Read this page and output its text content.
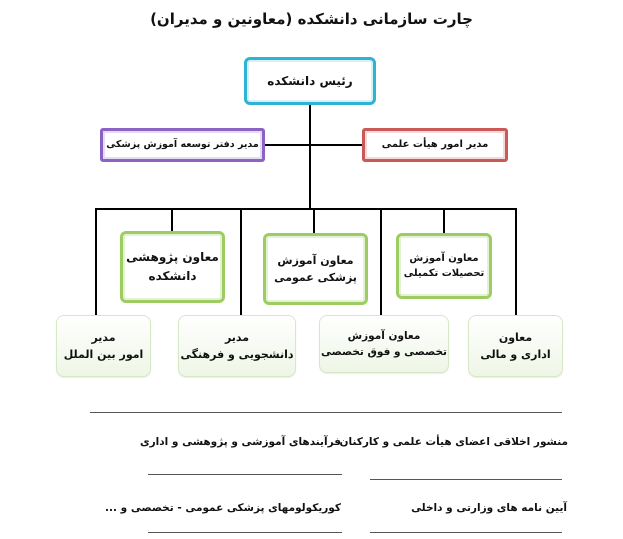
چارت سازمانی دانشکده (معاونین و مدیران)
رئیس دانشکده
مدیر دفتر توسعه آموزش پزشکی	مدیر امور هیأت علمی
معاون پژوهشی
دانشکده
معاون آموزش
پزشکی عمومی
معاون آموزش
تحصیلات تکمیلی
مدیر
امور بین الملل
مدیر
دانشجویی و فرهنگی
معاون آموزش
تخصصی و فوق تخصصی
معاون
اداری و مالی
منشور اخلاقی اعضای هیأت علمی و کارکنان
فرآیندهای آموزشی و پژوهشی و اداری
آیین نامه های وزارتی و داخلی
کوریکولومهای پزشکی عمومی - تخصصی و ...
